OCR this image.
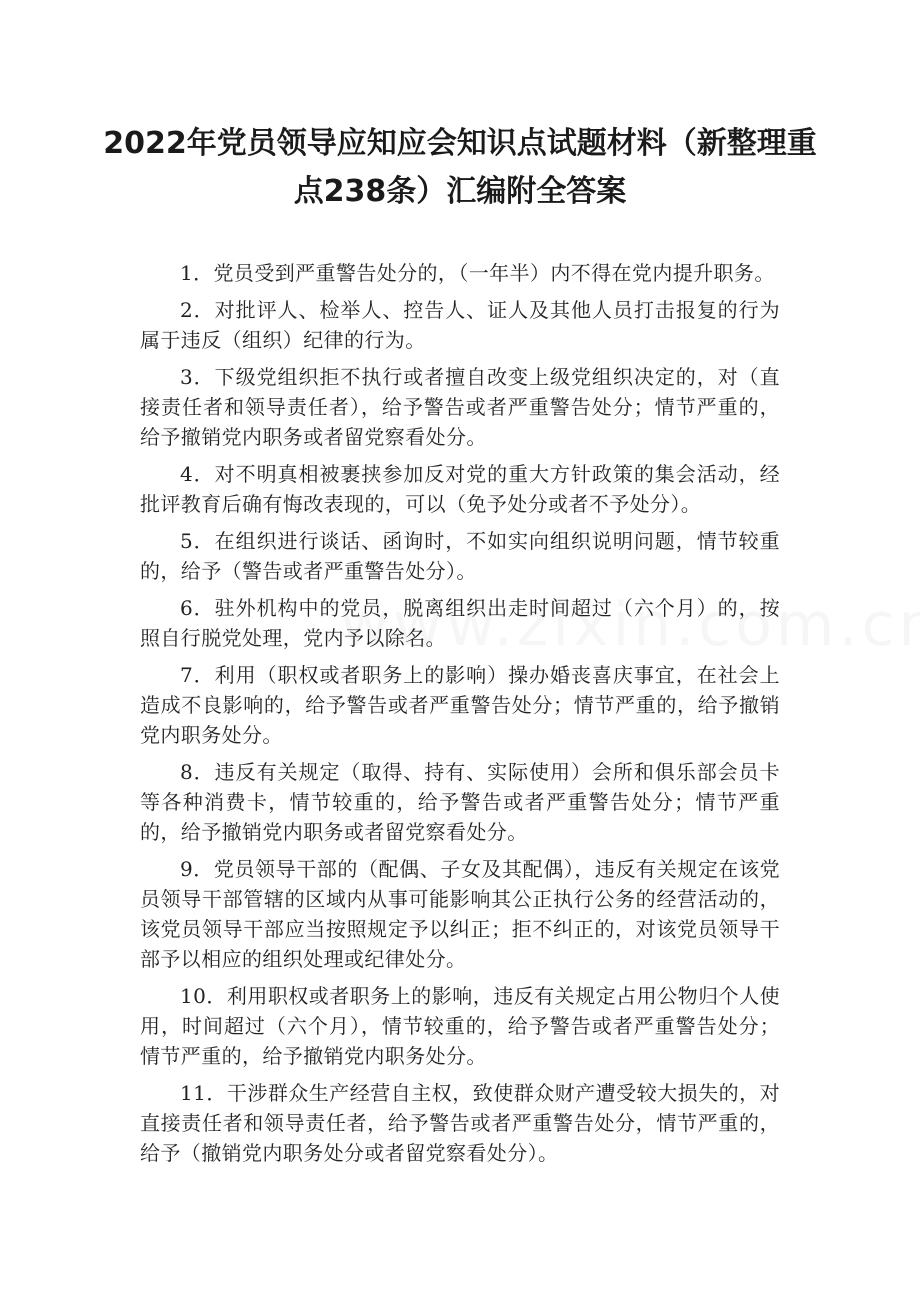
2022年党员领导应知应会知识点试题材料（新整理重点238条）汇编附全答案

1．党员受到严重警告处分的，（一年半）内不得在党内提升职务。

2．对批评人、检举人、控告人、证人及其他人员打击报复的行为属于违反（组织）纪律的行为。

3．下级党组织拒不执行或者擅自改变上级党组织决定的，对（直接责任者和领导责任者），给予警告或者严重警告处分；情节严重的，给予撤销党内职务或者留党察看处分。

4．对不明真相被裹挟参加反对党的重大方针政策的集会活动，经批评教育后确有悔改表现的，可以（免予处分或者不予处分）。

5．在组织进行谈话、函询时，不如实向组织说明问题，情节较重的，给予（警告或者严重警告处分）。

6．驻外机构中的党员，脱离组织出走时间超过（六个月）的，按照自行脱党处理，党内予以除名。

7．利用（职权或者职务上的影响）操办婚丧喜庆事宜，在社会上造成不良影响的，给予警告或者严重警告处分；情节严重的，给予撤销党内职务处分。

8．违反有关规定（取得、持有、实际使用）会所和俱乐部会员卡等各种消费卡，情节较重的，给予警告或者严重警告处分；情节严重的，给予撤销党内职务或者留党察看处分。

9．党员领导干部的（配偶、子女及其配偶），违反有关规定在该党员领导干部管辖的区域内从事可能影响其公正执行公务的经营活动的，该党员领导干部应当按照规定予以纠正；拒不纠正的，对该党员领导干部予以相应的组织处理或纪律处分。

10．利用职权或者职务上的影响，违反有关规定占用公物归个人使用，时间超过（六个月），情节较重的，给予警告或者严重警告处分；情节严重的，给予撤销党内职务处分。

11．干涉群众生产经营自主权，致使群众财产遭受较大损失的，对直接责任者和领导责任者，给予警告或者严重警告处分，情节严重的，给予（撤销党内职务处分或者留党察看处分）。
